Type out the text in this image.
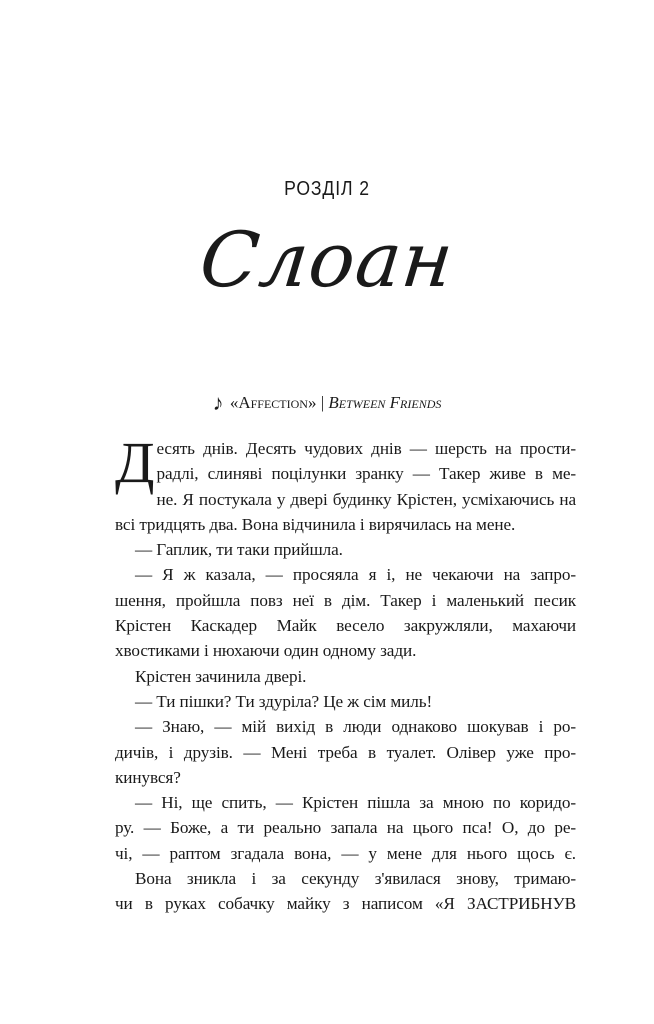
РОЗДІЛ 2
Слоан
♪ «Affection» | Between Friends
Д есять днів. Десять чудових днів — шерсть на прости-
радлі, слиняві поцілунки зранку — Такер живе в ме-
не. Я постукала у двері будинку Крістен, усміхаючись на
всі тридцять два. Вона відчинила і вирячилась на мене.
— Гаплик, ти таки прийшла.
— Я ж казала, — просяяла я і, не чекаючи на запро-
шення, пройшла повз неї в дім. Такер і маленький песик
Крістен Каскадер Майк весело закружляли, махаючи
хвостиками і нюхаючи один одному зади.
Крістен зачинила двері.
— Ти пішки? Ти здуріла? Це ж сім миль!
— Знаю, — мій вихід в люди однаково шокував і ро-
дичів, і друзів. — Мені треба в туалет. Олівер уже про-
кинувся?
— Ні, ще спить, — Крістен пішла за мною по коридо-
ру. — Боже, а ти реально запала на цього пса! О, до ре-
чі, — раптом згадала вона, — у мене для нього щось є.
Вона зникла і за секунду з'явилася знову, тримаю-
чи в руках собачку майку з написом «Я ЗАСТРИБНУВ
